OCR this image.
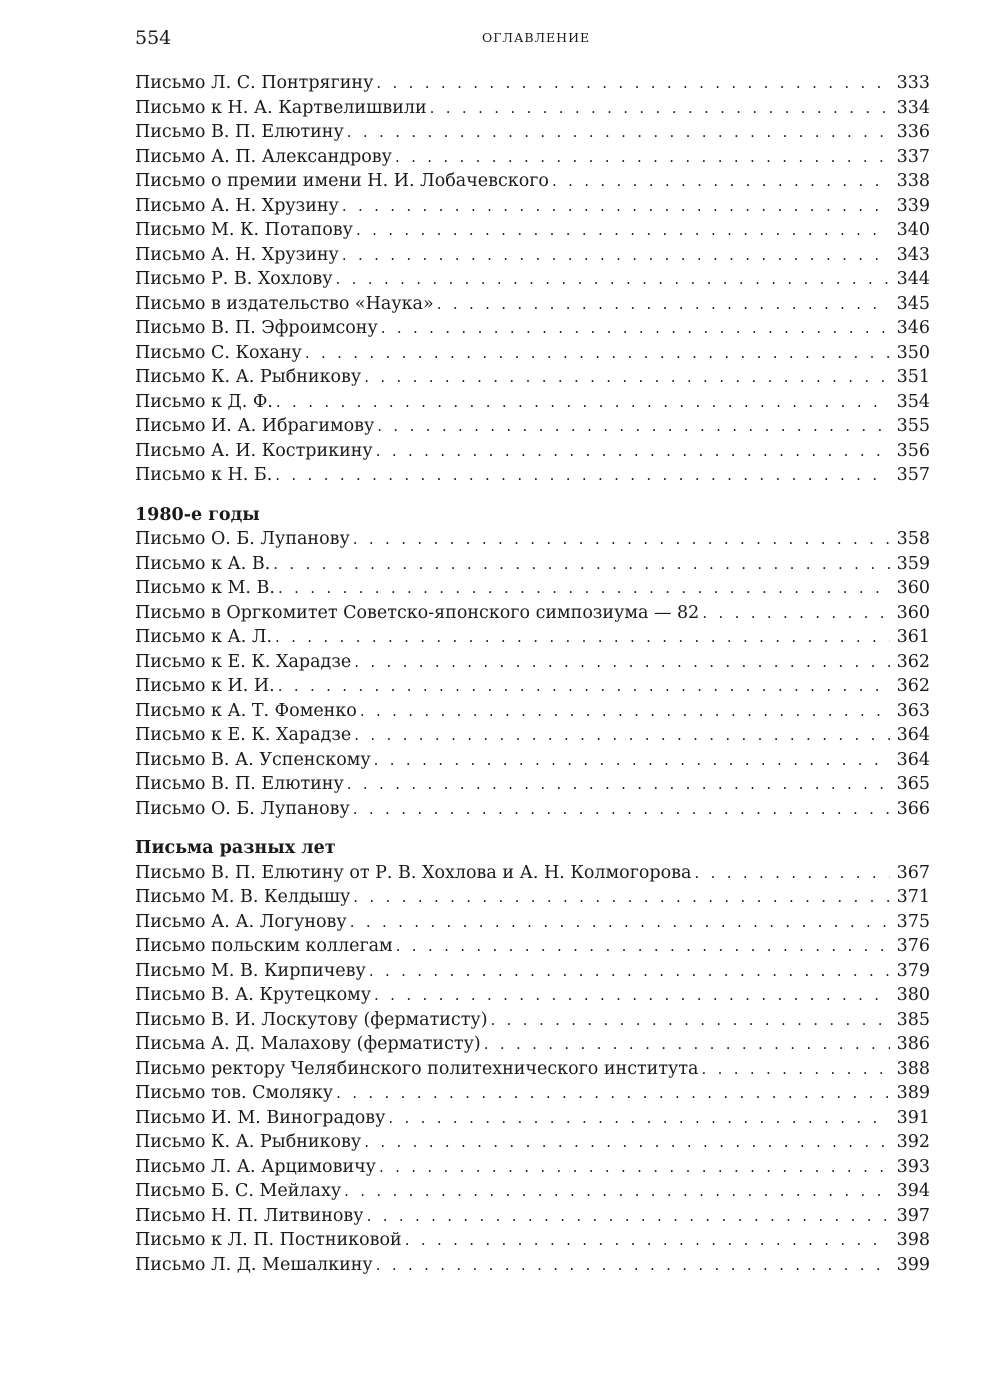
554	ОГЛАВЛЕНИЕ
Письмо Л. С. Понтрягину . . .	333
Письмо к Н. А. Картвелишвили . . .	334
Письмо В. П. Елютину . . .	336
Письмо А. П. Александрову . . .	337
Письмо о премии имени Н. И. Лобачевского . . .	338
Письмо А. Н. Хрузину . . .	339
Письмо М. К. Потапову . . .	340
Письмо А. Н. Хрузину . . .	343
Письмо Р. В. Хохлову . . .	344
Письмо в издательство «Наука» . . .	345
Письмо В. П. Эфроимсону . . .	346
Письмо С. Кохану . . .	350
Письмо К. А. Рыбникову . . .	351
Письмо к Д. Ф. . . .	354
Письмо И. А. Ибрагимову . . .	355
Письмо А. И. Кострикину . . .	356
Письмо к Н. Б. . . .	357
1980-е годы
Письмо О. Б. Лупанову . . .	358
Письмо к А. В. . . .	359
Письмо к М. В. . . .	360
Письмо в Оргкомитет Советско-японского симпозиума — 82 . . .	360
Письмо к А. Л. . . .	361
Письмо к Е. К. Харадзе . . .	362
Письмо к И. И. . . .	362
Письмо к А. Т. Фоменко . . .	363
Письмо к Е. К. Харадзе . . .	364
Письмо В. А. Успенскому . . .	364
Письмо В. П. Елютину . . .	365
Письмо О. Б. Лупанову . . .	366
Письма разных лет
Письмо В. П. Елютину от Р. В. Хохлова и А. Н. Колмогорова . . .	367
Письмо М. В. Келдышу . . .	371
Письмо А. А. Логунову . . .	375
Письмо польским коллегам . . .	376
Письмо М. В. Кирпичеву . . .	379
Письмо В. А. Крутецкому . . .	380
Письмо В. И. Лоскутову (ферматисту) . . .	385
Письма А. Д. Малахову (ферматисту) . . .	386
Письмо ректору Челябинского политехнического института . . .	388
Письмо тов. Смоляку . . .	389
Письмо И. М. Виноградову . . .	391
Письмо К. А. Рыбникову . . .	392
Письмо Л. А. Арцимовичу . . .	393
Письмо Б. С. Мейлаху . . .	394
Письмо Н. П. Литвинову . . .	397
Письмо к Л. П. Постниковой . . .	398
Письмо Л. Д. Мешалкину . . .	399
